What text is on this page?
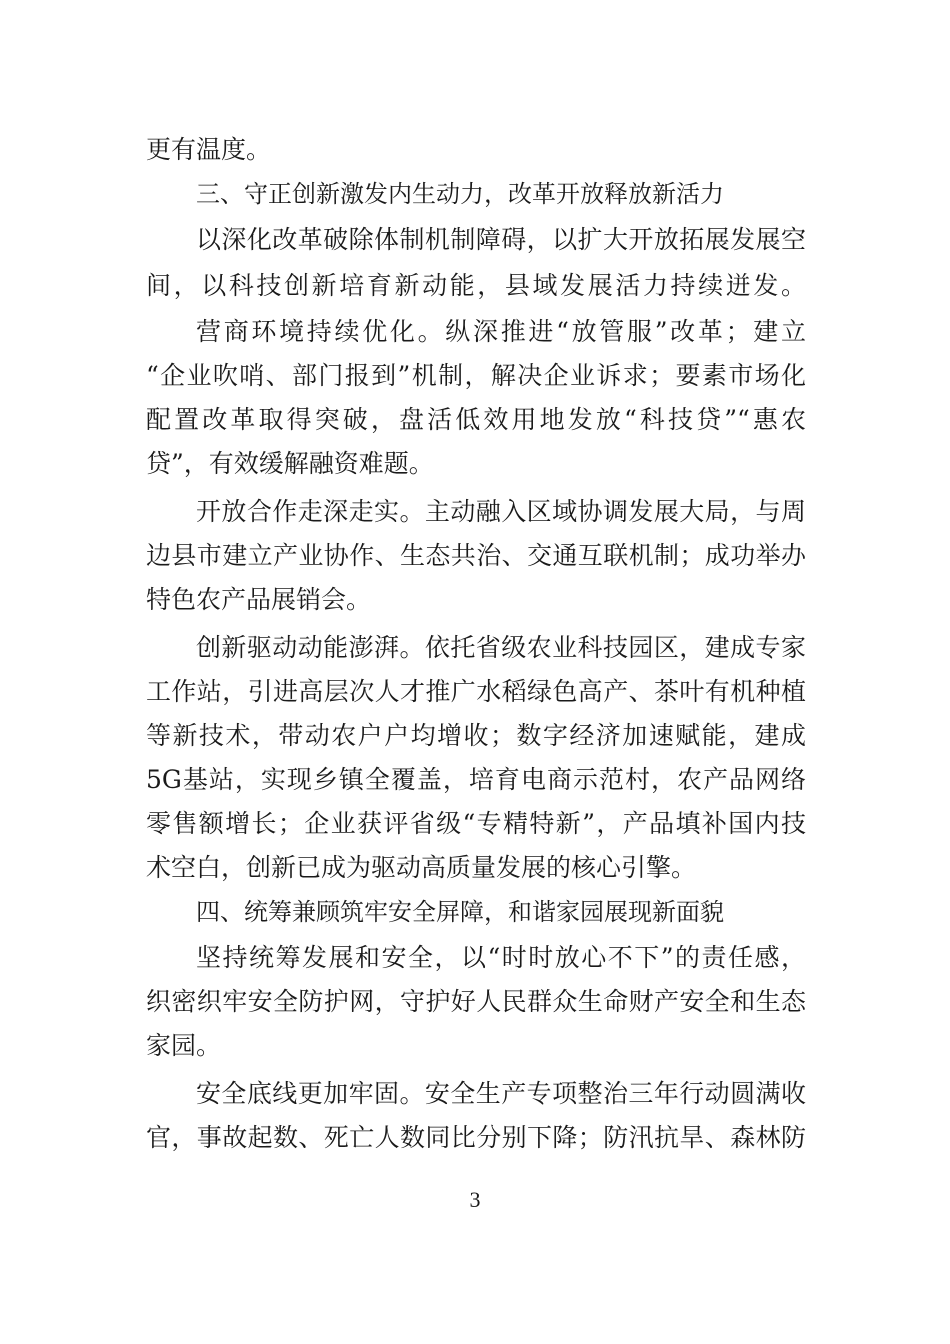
更有温度。
三、守正创新激发内生动力，改革开放释放新活力
以深化改革破除体制机制障碍，以扩大开放拓展发展空
间，以科技创新培育新动能，县域发展活力持续迸发。
营商环境持续优化。纵深推进“放管服”改革；建立
“企业吹哨、部门报到”机制，解决企业诉求；要素市场化
配置改革取得突破，盘活低效用地发放“科技贷”“惠农
贷”，有效缓解融资难题。
开放合作走深走实。主动融入区域协调发展大局，与周
边县市建立产业协作、生态共治、交通互联机制；成功举办
特色农产品展销会。
创新驱动动能澎湃。依托省级农业科技园区，建成专家
工作站，引进高层次人才推广水稻绿色高产、茶叶有机种植
等新技术，带动农户户均增收；数字经济加速赋能，建成
5G基站，实现乡镇全覆盖，培育电商示范村，农产品网络
零售额增长；企业获评省级“专精特新”，产品填补国内技
术空白，创新已成为驱动高质量发展的核心引擎。
四、统筹兼顾筑牢安全屏障，和谐家园展现新面貌
坚持统筹发展和安全，以“时时放心不下”的责任感，
织密织牢安全防护网，守护好人民群众生命财产安全和生态
家园。
安全底线更加牢固。安全生产专项整治三年行动圆满收
官，事故起数、死亡人数同比分别下降；防汛抗旱、森林防
3
